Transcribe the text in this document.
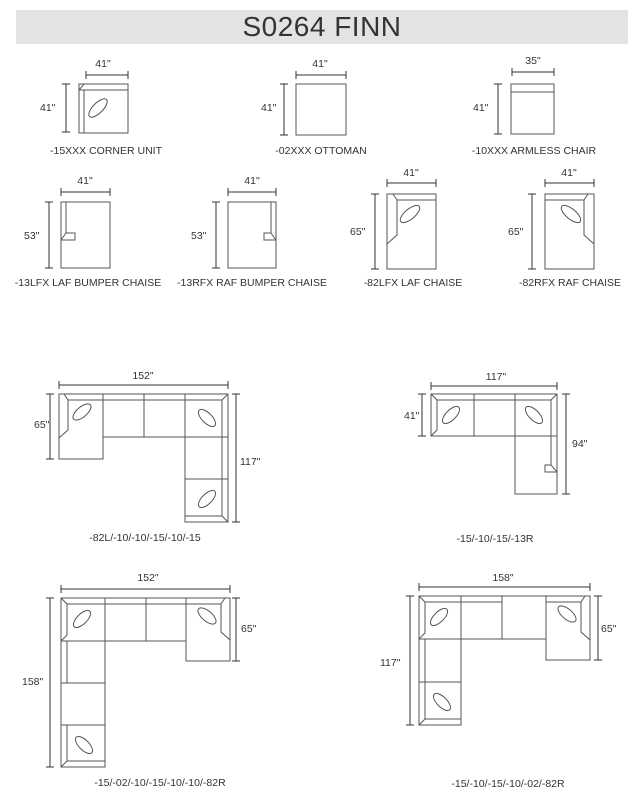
S0264 FINN
41"
41"
-15XXX CORNER UNIT
41"
41"
-02XXX OTTOMAN
35"
41"
-10XXX ARMLESS CHAIR
41"
53"
-13LFX LAF BUMPER CHAISE
41"
53"
-13RFX RAF BUMPER CHAISE
41"
65"
-82LFX LAF CHAISE
41"
65"
-82RFX RAF CHAISE
152"
65"
117"
-82L/-10/-10/-15/-10/-15
117"
41"
94"
-15/-10/-15/-13R
152"
158"
65"
-15/-02/-10/-15/-10/-10/-82R
158"
117"
65"
-15/-10/-15/-10/-02/-82R
